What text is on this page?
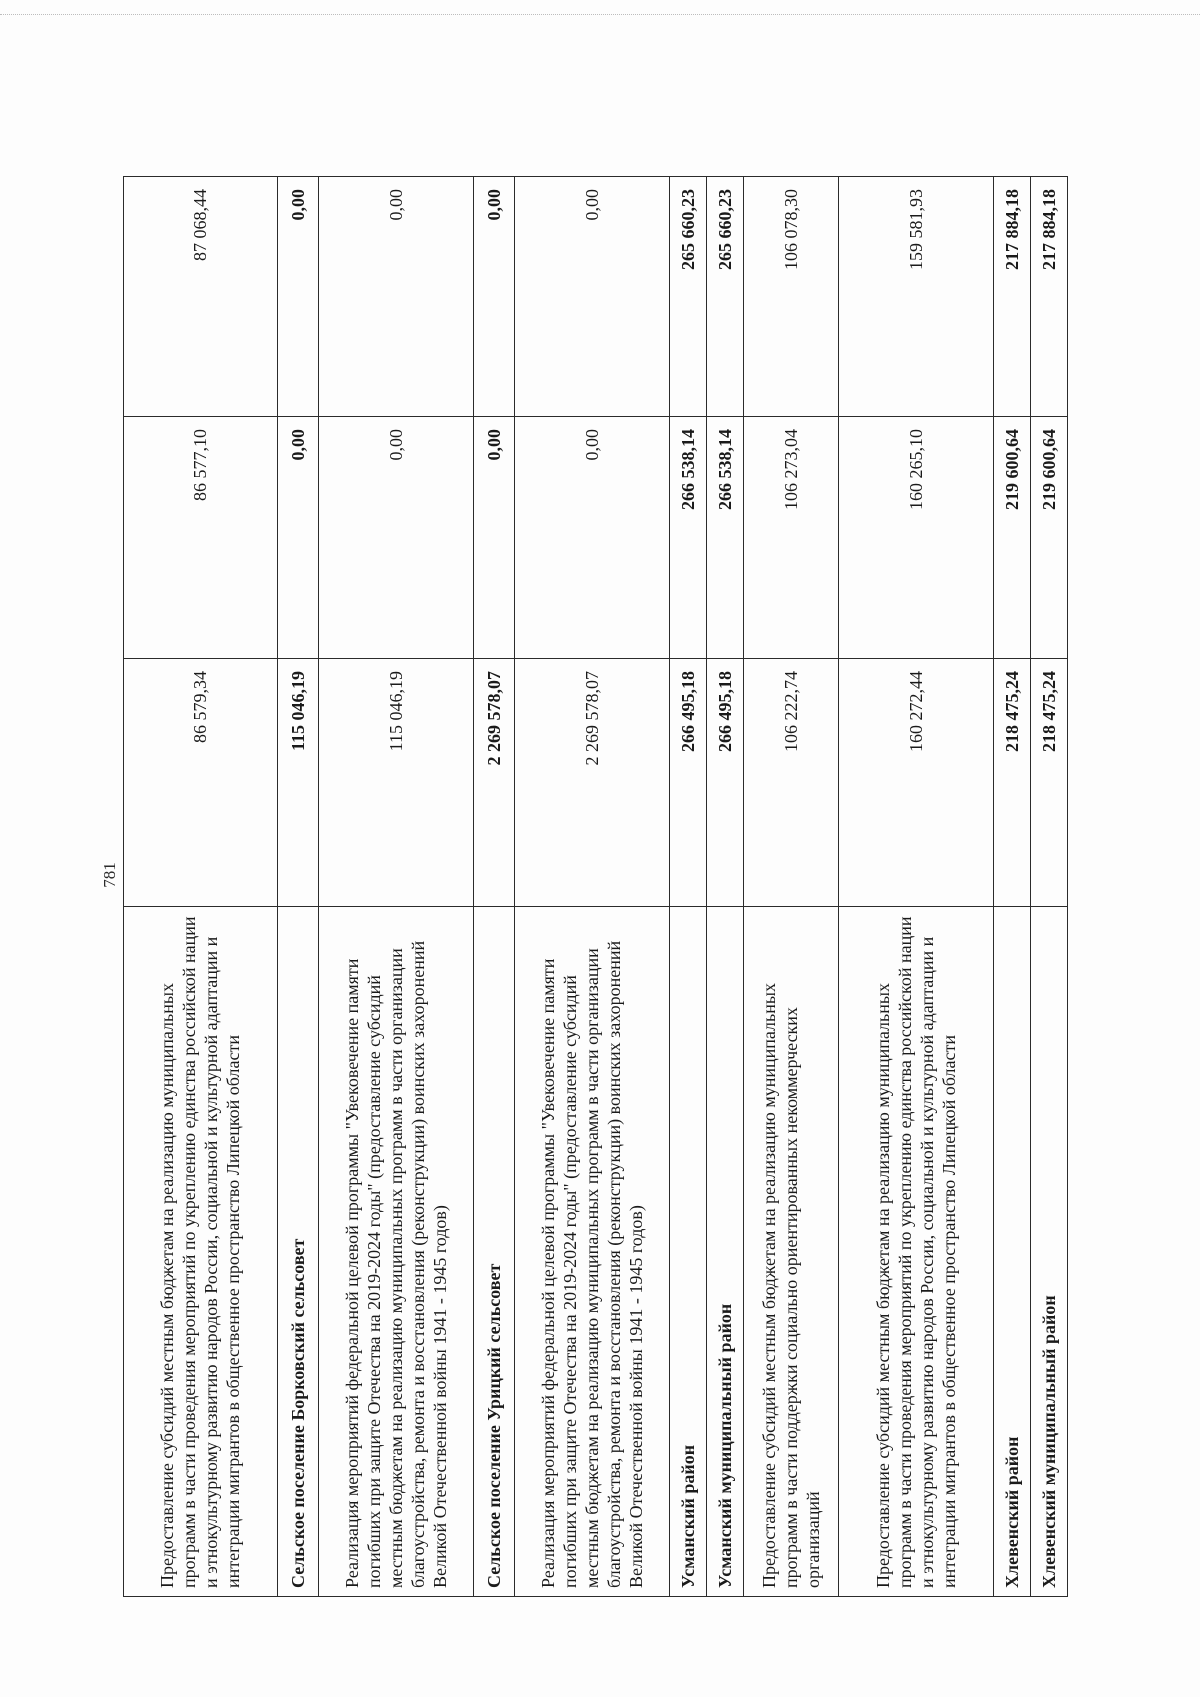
781
Предоставление субсидий местным бюджетам на реализацию муниципальных программ в части проведения мероприятий по укреплению единства российской нации и этнокультурному развитию народов России, социальной и культурной адаптации и интеграции мигрантов в общественное пространство Липецкой области	86 579,34	86 577,10	87 068,44
Сельское поселение Борковский сельсовет	115 046,19	0,00	0,00
Реализация мероприятий федеральной целевой программы "Увековечение памяти погибших при защите Отечества на 2019-2024 годы" (предоставление субсидий местным бюджетам на реализацию муниципальных программ в части организации благоустройства, ремонта и восстановления (реконструкции) воинских захоронений Великой Отечественной войны 1941 - 1945 годов)	115 046,19	0,00	0,00
Сельское поселение Урицкий сельсовет	2 269 578,07	0,00	0,00
Реализация мероприятий федеральной целевой программы "Увековечение памяти погибших при защите Отечества на 2019-2024 годы" (предоставление субсидий местным бюджетам на реализацию муниципальных программ в части организации благоустройства, ремонта и восстановления (реконструкции) воинских захоронений Великой Отечественной войны 1941 - 1945 годов)	2 269 578,07	0,00	0,00
Усманский район	266 495,18	266 538,14	265 660,23
Усманский муниципальный район	266 495,18	266 538,14	265 660,23
Предоставление субсидий местным бюджетам на реализацию муниципальных программ в части поддержки социально ориентированных некоммерческих организаций	106 222,74	106 273,04	106 078,30
Предоставление субсидий местным бюджетам на реализацию муниципальных программ в части проведения мероприятий по укреплению единства российской нации и этнокультурному развитию народов России, социальной и культурной адаптации и интеграции мигрантов в общественное пространство Липецкой области	160 272,44	160 265,10	159 581,93
Хлевенский район	218 475,24	219 600,64	217 884,18
Хлевенский муниципальный район	218 475,24	219 600,64	217 884,18
